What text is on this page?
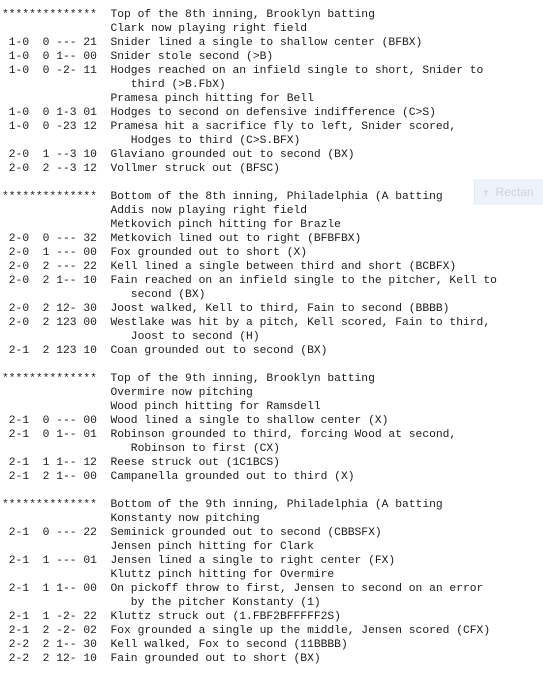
**************  Top of the 8th inning, Brooklyn batting
Clark now playing right field
1-0  0 --- 21  Snider lined a single to shallow center (BFBX)
1-0  0 1-- 00  Snider stole second (>B)
1-0  0 -2- 11  Hodges reached on an infield single to short, Snider to
third (>B.FbX)
Pramesa pinch hitting for Bell
1-0  0 1-3 01  Hodges to second on defensive indifference (C>S)
1-0  0 -23 12  Pramesa hit a sacrifice fly to left, Snider scored,
Hodges to third (C>S.BFX)
2-0  1 --3 10  Glaviano grounded out to second (BX)
2-0  2 --3 12  Vollmer struck out (BFSC)
**************  Bottom of the 8th inning, Philadelphia (A batting
Addis now playing right field
Metkovich pinch hitting for Brazle
2-0  0 --- 32  Metkovich lined out to right (BFBFBX)
2-0  1 --- 00  Fox grounded out to short (X)
2-0  2 --- 22  Kell lined a single between third and short (BCBFX)
2-0  2 1-- 10  Fain reached on an infield single to the pitcher, Kell to
second (BX)
2-0  2 12- 30  Joost walked, Kell to third, Fain to second (BBBB)
2-0  2 123 00  Westlake was hit by a pitch, Kell scored, Fain to third,
Joost to second (H)
2-1  2 123 10  Coan grounded out to second (BX)
**************  Top of the 9th inning, Brooklyn batting
Overmire now pitching
Wood pinch hitting for Ramsdell
2-1  0 --- 00  Wood lined a single to shallow center (X)
2-1  0 1-- 01  Robinson grounded to third, forcing Wood at second,
Robinson to first (CX)
2-1  1 1-- 12  Reese struck out (1C1BCS)
2-1  2 1-- 00  Campanella grounded out to third (X)
**************  Bottom of the 9th inning, Philadelphia (A batting
Konstanty now pitching
2-1  0 --- 22  Seminick grounded out to second (CBBSFX)
Jensen pinch hitting for Clark
2-1  1 --- 01  Jensen lined a single to right center (FX)
Kluttz pinch hitting for Overmire
2-1  1 1-- 00  On pickoff throw to first, Jensen to second on an error
by the pitcher Konstanty (1)
2-1  1 -2- 22  Kluttz struck out (1.FBF2BFFFFF2S)
2-1  2 -2- 02  Fox grounded a single up the middle, Jensen scored (CFX)
2-2  2 1-- 30  Kell walked, Fox to second (11BBBB)
2-2  2 12- 10  Fain grounded out to short (BX)
✝ Rectan
